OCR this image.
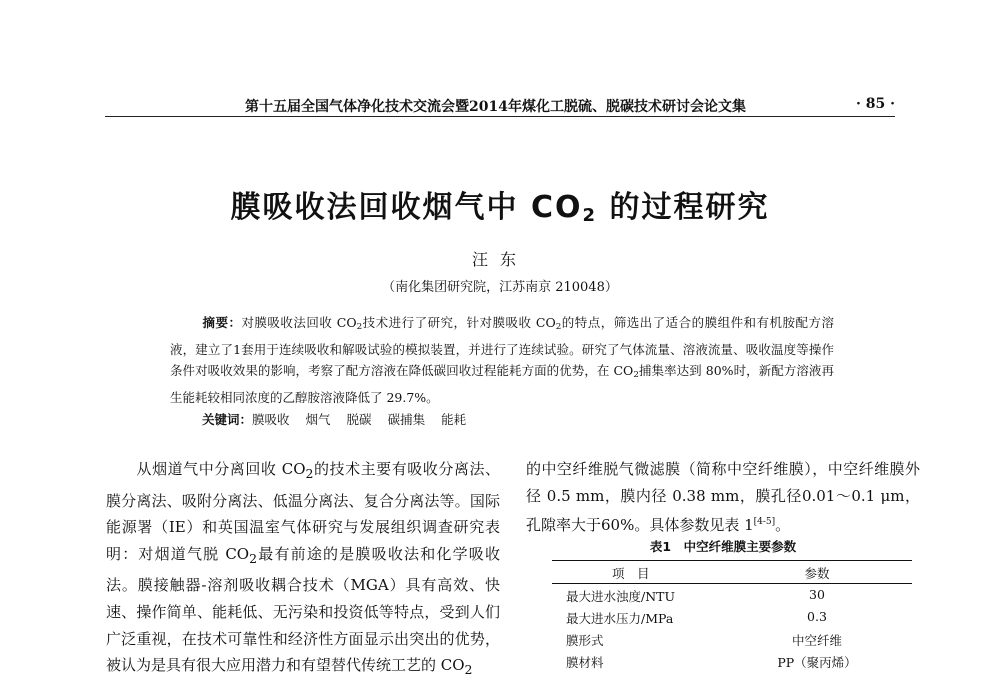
第十五届全国气体净化技术交流会暨2014年煤化工脱硫、脱碳技术研讨会论文集	· 85 ·
膜吸收法回收烟气中 $CO_2$ 的过程研究
汪东
（南化集团研究院，江苏南京 210048）
摘要：对膜吸收法回收 $CO_2$技术进行了研究，针对膜吸收 $CO_2$的特点，筛选出了适合的膜组件和有机胺配方溶液，建立了1套用于连续吸收和解吸试验的模拟装置，并进行了连续试验。研究了气体流量、溶液流量、吸收温度等操作条件对吸收效果的影响，考察了配方溶液在降低碳回收过程能耗方面的优势，在 $CO_2$捕集率达到 80%时，新配方溶液再生能耗较相同浓度的乙醇胺溶液降低了 29.7%。
关键词：膜吸收 烟气 脱碳 碳捕集 能耗
从烟道气中分离回收 $CO_2$的技术主要有吸收分离法、膜分离法、吸附分离法、低温分离法、复合分离法等。国际能源署（IE）和英国温室气体研究与发展组织调查研究表明：对烟道气脱 $CO_2$最有前途的是膜吸收法和化学吸收法。膜接触器-溶剂吸收耦合技术（MGA）具有高效、快速、操作简单、能耗低、无污染和投资低等特点，受到人们广泛重视，在技术可靠性和经济性方面显示出突出的优势，被认为是具有很大应用潜力和有望替代传统工艺的 $CO_2$
的中空纤维脱气微滤膜（简称中空纤维膜），中空纤维膜外径 0.5 mm，膜内径 0.38 mm，膜孔径0.01～0.1 μm，孔隙率大于60%。具体参数见表 1[4-5]。
表1　中空纤维膜主要参数
项　目	参数
最大进水浊度/NTU	30
最大进水压力/MPa	0.3
膜形式	中空纤维
膜材料	PP（聚丙烯）
